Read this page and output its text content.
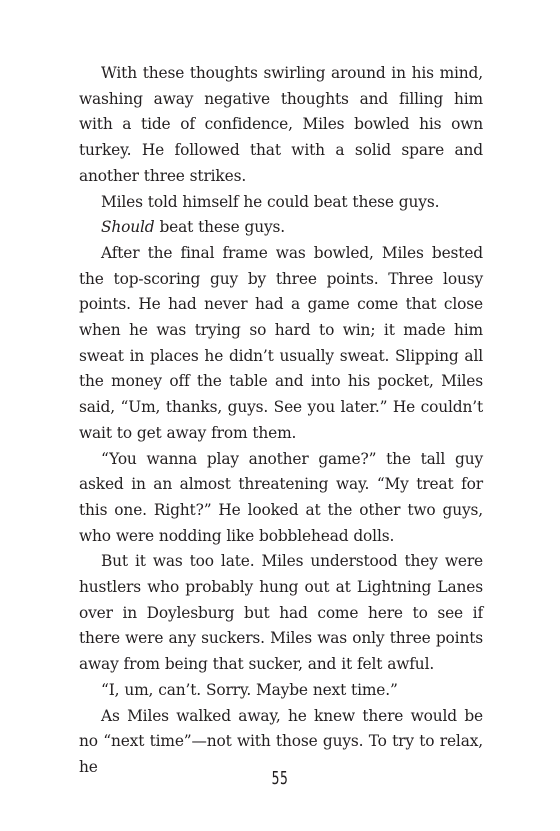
With these thoughts swirling around in his mind, washing away negative thoughts and filling him with a tide of confidence, Miles bowled his own turkey. He followed that with a solid spare and another three strikes.

Miles told himself he could beat these guys.

Should beat these guys.

After the final frame was bowled, Miles bested the top-scoring guy by three points. Three lousy points. He had never had a game come that close when he was trying so hard to win; it made him sweat in places he didn’t usually sweat. Slipping all the money off the table and into his pocket, Miles said, “Um, thanks, guys. See you later.” He couldn’t wait to get away from them.

“You wanna play another game?” the tall guy asked in an almost threatening way. “My treat for this one. Right?” He looked at the other two guys, who were nodding like bobblehead dolls.

But it was too late. Miles understood they were hustlers who probably hung out at Lightning Lanes over in Doylesburg but had come here to see if there were any suckers. Miles was only three points away from being that sucker, and it felt awful.

“I, um, can’t. Sorry. Maybe next time.”

As Miles walked away, he knew there would be no “next time”—not with those guys. To try to relax, he

55
